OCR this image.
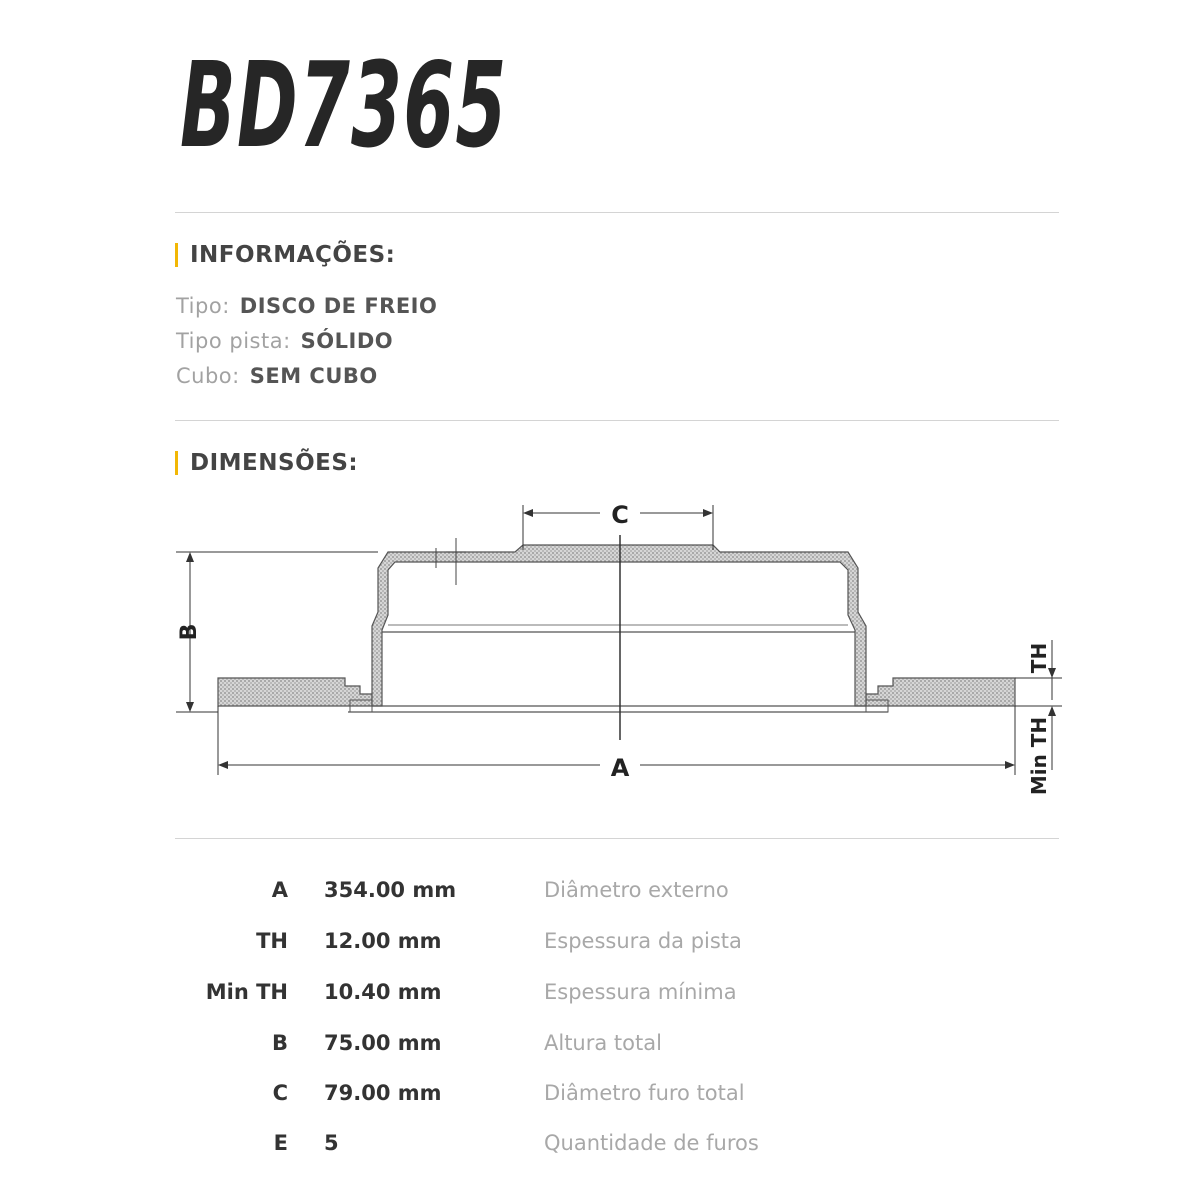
BD7365
INFORMAÇÕES:
Tipo: DISCO DE FREIO
Tipo pista: SÓLIDO
Cubo: SEM CUBO
DIMENSÕES:
A
C
B
TH
Min TH
A 354.00 mm	Diâmetro externo
TH 12.00 mm	Espessura da pista
Min TH 10.40 mm	Espessura mínima
B 75.00 mm	Altura total
C 79.00 mm	Diâmetro furo total
E 5	Quantidade de furos
